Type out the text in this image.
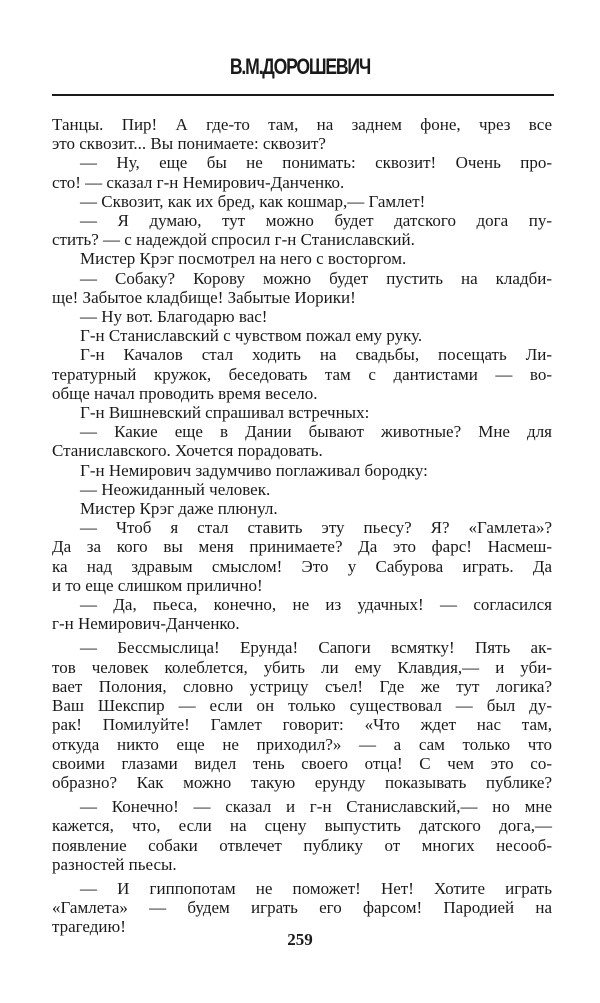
В.М.ДОРОШЕВИЧ
Танцы. Пир! А где-то там, на заднем фоне, чрез все
это сквозит... Вы понимаете: сквозит?
— Ну, еще бы не понимать: сквозит! Очень про-
сто! — сказал г-н Немирович-Данченко.
— Сквозит, как их бред, как кошмар,— Гамлет!
— Я думаю, тут можно будет датского дога пу-
стить? — с надеждой спросил г-н Станиславский.
Мистер Крэг посмотрел на него с восторгом.
— Собаку? Корову можно будет пустить на кладби-
ще! Забытое кладбище! Забытые Иорики!
— Ну вот. Благодарю вас!
Г-н Станиславский с чувством пожал ему руку.
Г-н Качалов стал ходить на свадьбы, посещать Ли-
тературный кружок, беседовать там с дантистами — во-
обще начал проводить время весело.
Г-н Вишневский спрашивал встречных:
— Какие еще в Дании бывают животные? Мне для
Станиславского. Хочется порадовать.
Г-н Немирович задумчиво поглаживал бородку:
— Неожиданный человек.
Мистер Крэг даже плюнул.
— Чтоб я стал ставить эту пьесу? Я? «Гамлета»?
Да за кого вы меня принимаете? Да это фарс! Насмеш-
ка над здравым смыслом! Это у Сабурова играть. Да
и то еще слишком прилично!
— Да, пьеса, конечно, не из удачных! — согласился
г-н Немирович-Данченко.
— Бессмыслица! Ерунда! Сапоги всмятку! Пять ак-
тов человек колеблется, убить ли ему Клавдия,— и уби-
вает Полония, словно устрицу съел! Где же тут логика?
Ваш Шекспир — если он только существовал — был ду-
рак! Помилуйте! Гамлет говорит: «Что ждет нас там,
откуда никто еще не приходил?» — а сам только что
своими глазами видел тень своего отца! С чем это со-
образно? Как можно такую ерунду показывать публике?
— Конечно! — сказал и г-н Станиславский,— но мне
кажется, что, если на сцену выпустить датского дога,—
появление собаки отвлечет публику от многих несооб-
разностей пьесы.
— И гиппопотам не поможет! Нет! Хотите играть
«Гамлета» — будем играть его фарсом! Пародией на
трагедию!
259
